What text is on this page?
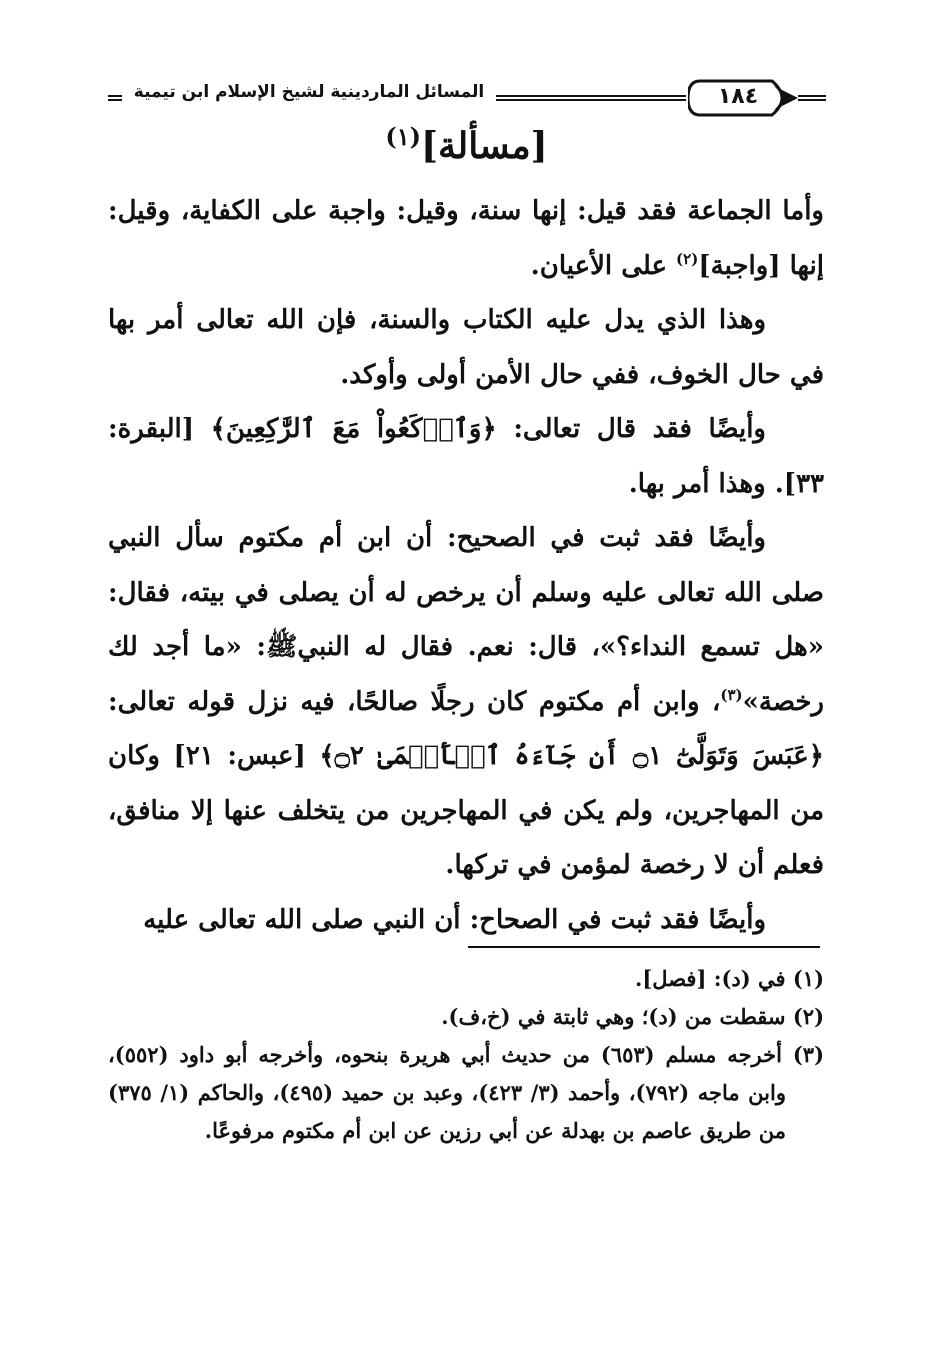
المسائل الماردينية لشيخ الإسلام ابن تيمية	١٨٤
[مسألة]$^{(١)}$

وأما الجماعة فقد قيل: إنها سنة، وقيل: واجبة على الكفاية، وقيل: إنها [واجبة]$^{(٢)}$ على الأعيان.

وهذا الذي يدل عليه الكتاب والسنة، فإن الله تعالى أمر بها في حال الخوف، ففي حال الأمن أولى وأوكد.

وأيضًا فقد قال تعالى: ﴿وَٱرۡكَعُواْ مَعَ ٱلرَّٰكِعِينَ﴾ [البقرة: ٣٣]. وهذا أمر بها.

وأيضًا فقد ثبت في الصحيح: أن ابن أم مكتوم سأل النبي صلى الله تعالى عليه وسلم أن يرخص له أن يصلى في بيته، فقال: «هل تسمع النداء؟»، قال: نعم. فقال له النبيﷺ: «ما أجد لك رخصة»$^{(٣)}$، وابن أم مكتوم كان رجلًا صالحًا، فيه نزل قوله تعالى: ﴿عَبَسَ وَتَوَلَّىٰٓ ۝١ أَن جَآءَهُ ٱلۡأَعۡمَىٰ ۝٢﴾ [عبس: ٢١] وكان من المهاجرين، ولم يكن في المهاجرين من يتخلف عنها إلا منافق، فعلم أن لا رخصة لمؤمن في تركها.

وأيضًا فقد ثبت في الصحاح: أن النبي صلى الله تعالى عليه

(١) في (د): [فصل].

(٢) سقطت من (د)؛ وهي ثابتة في (خ،ف).

(٣) أخرجه مسلم (٦٥٣) من حديث أبي هريرة بنحوه، وأخرجه أبو داود (٥٥٢)، وابن ماجه (٧٩٢)، وأحمد (٣/ ٤٢٣)، وعبد بن حميد (٤٩٥)، والحاكم (١/ ٣٧٥) من طريق عاصم بن بهدلة عن أبي رزين عن ابن أم مكتوم مرفوعًا.
